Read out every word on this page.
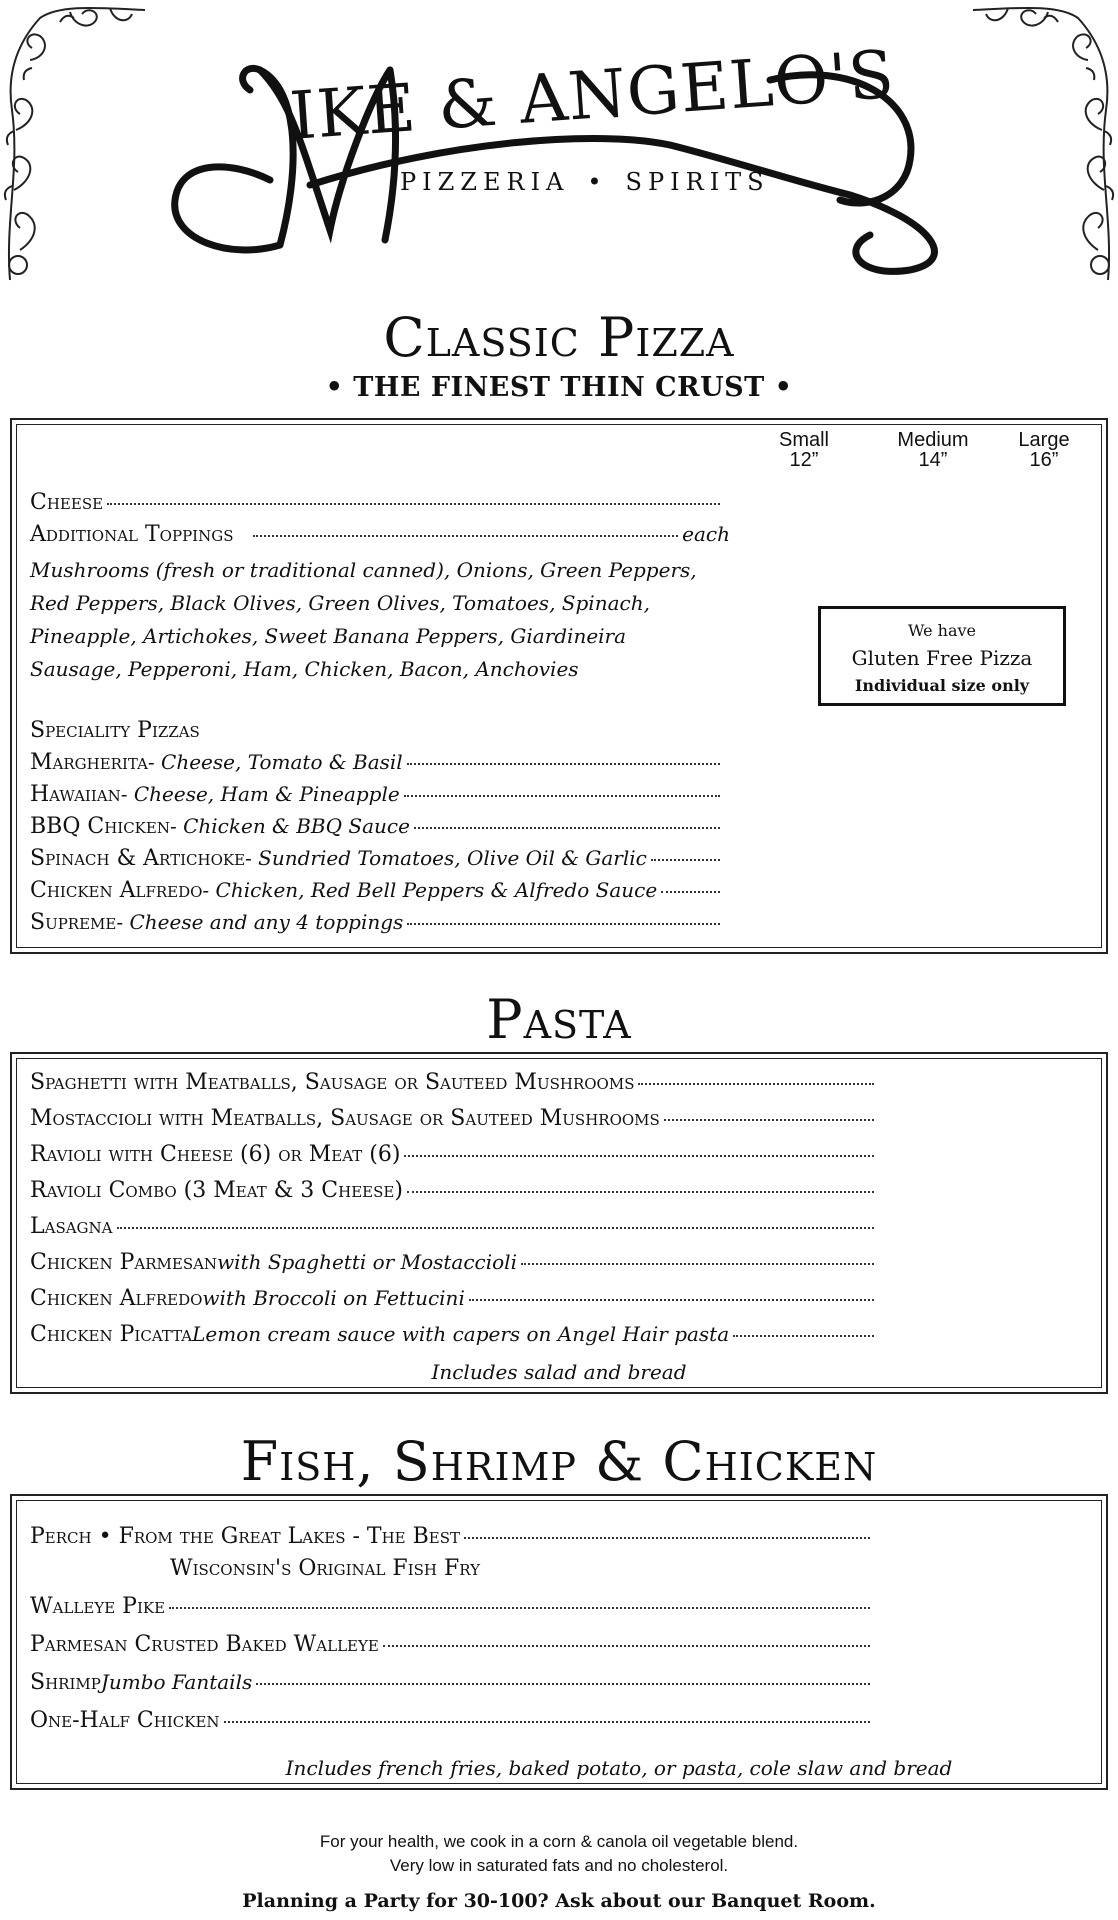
IKE & ANGELO'S
PIZZERIA • SPIRITS
Classic Pizza
• THE FINEST THIN CRUST •
Small
12”
Medium
14”
Large
16”
Cheese
Additional Toppings	each
Mushrooms (fresh or traditional canned), Onions, Green Peppers,
Red Peppers, Black Olives, Green Olives, Tomatoes, Spinach,
Pineapple, Artichokes, Sweet Banana Peppers, Giardineira
Sausage, Pepperoni, Ham, Chicken, Bacon, Anchovies
We have
Gluten Free Pizza
Individual size only
Speciality Pizzas
Margherita - Cheese, Tomato & Basil
Hawaiian - Cheese, Ham & Pineapple
BBQ Chicken - Chicken & BBQ Sauce
Spinach & Artichoke - Sundried Tomatoes, Olive Oil & Garlic
Chicken Alfredo - Chicken, Red Bell Peppers & Alfredo Sauce
Supreme - Cheese and any 4 toppings
Pasta
Spaghetti with Meatballs, Sausage or Sauteed Mushrooms
Mostaccioli with Meatballs, Sausage or Sauteed Mushrooms
Ravioli with Cheese (6) or Meat (6)
Ravioli Combo (3 Meat & 3 Cheese)
Lasagna
Chicken Parmesan with Spaghetti or Mostaccioli
Chicken Alfredo with Broccoli on Fettucini
Chicken Picatta Lemon cream sauce with capers on Angel Hair pasta
Includes salad and bread
Fish, Shrimp & Chicken
Perch • From the Great Lakes - The Best
Wisconsin's Original Fish Fry
Walleye Pike
Parmesan Crusted Baked Walleye
Shrimp Jumbo Fantails
One-Half Chicken
Includes french fries, baked potato, or pasta, cole slaw and bread
For your health, we cook in a corn & canola oil vegetable blend.
Very low in saturated fats and no cholesterol.
Planning a Party for 30-100? Ask about our Banquet Room.
